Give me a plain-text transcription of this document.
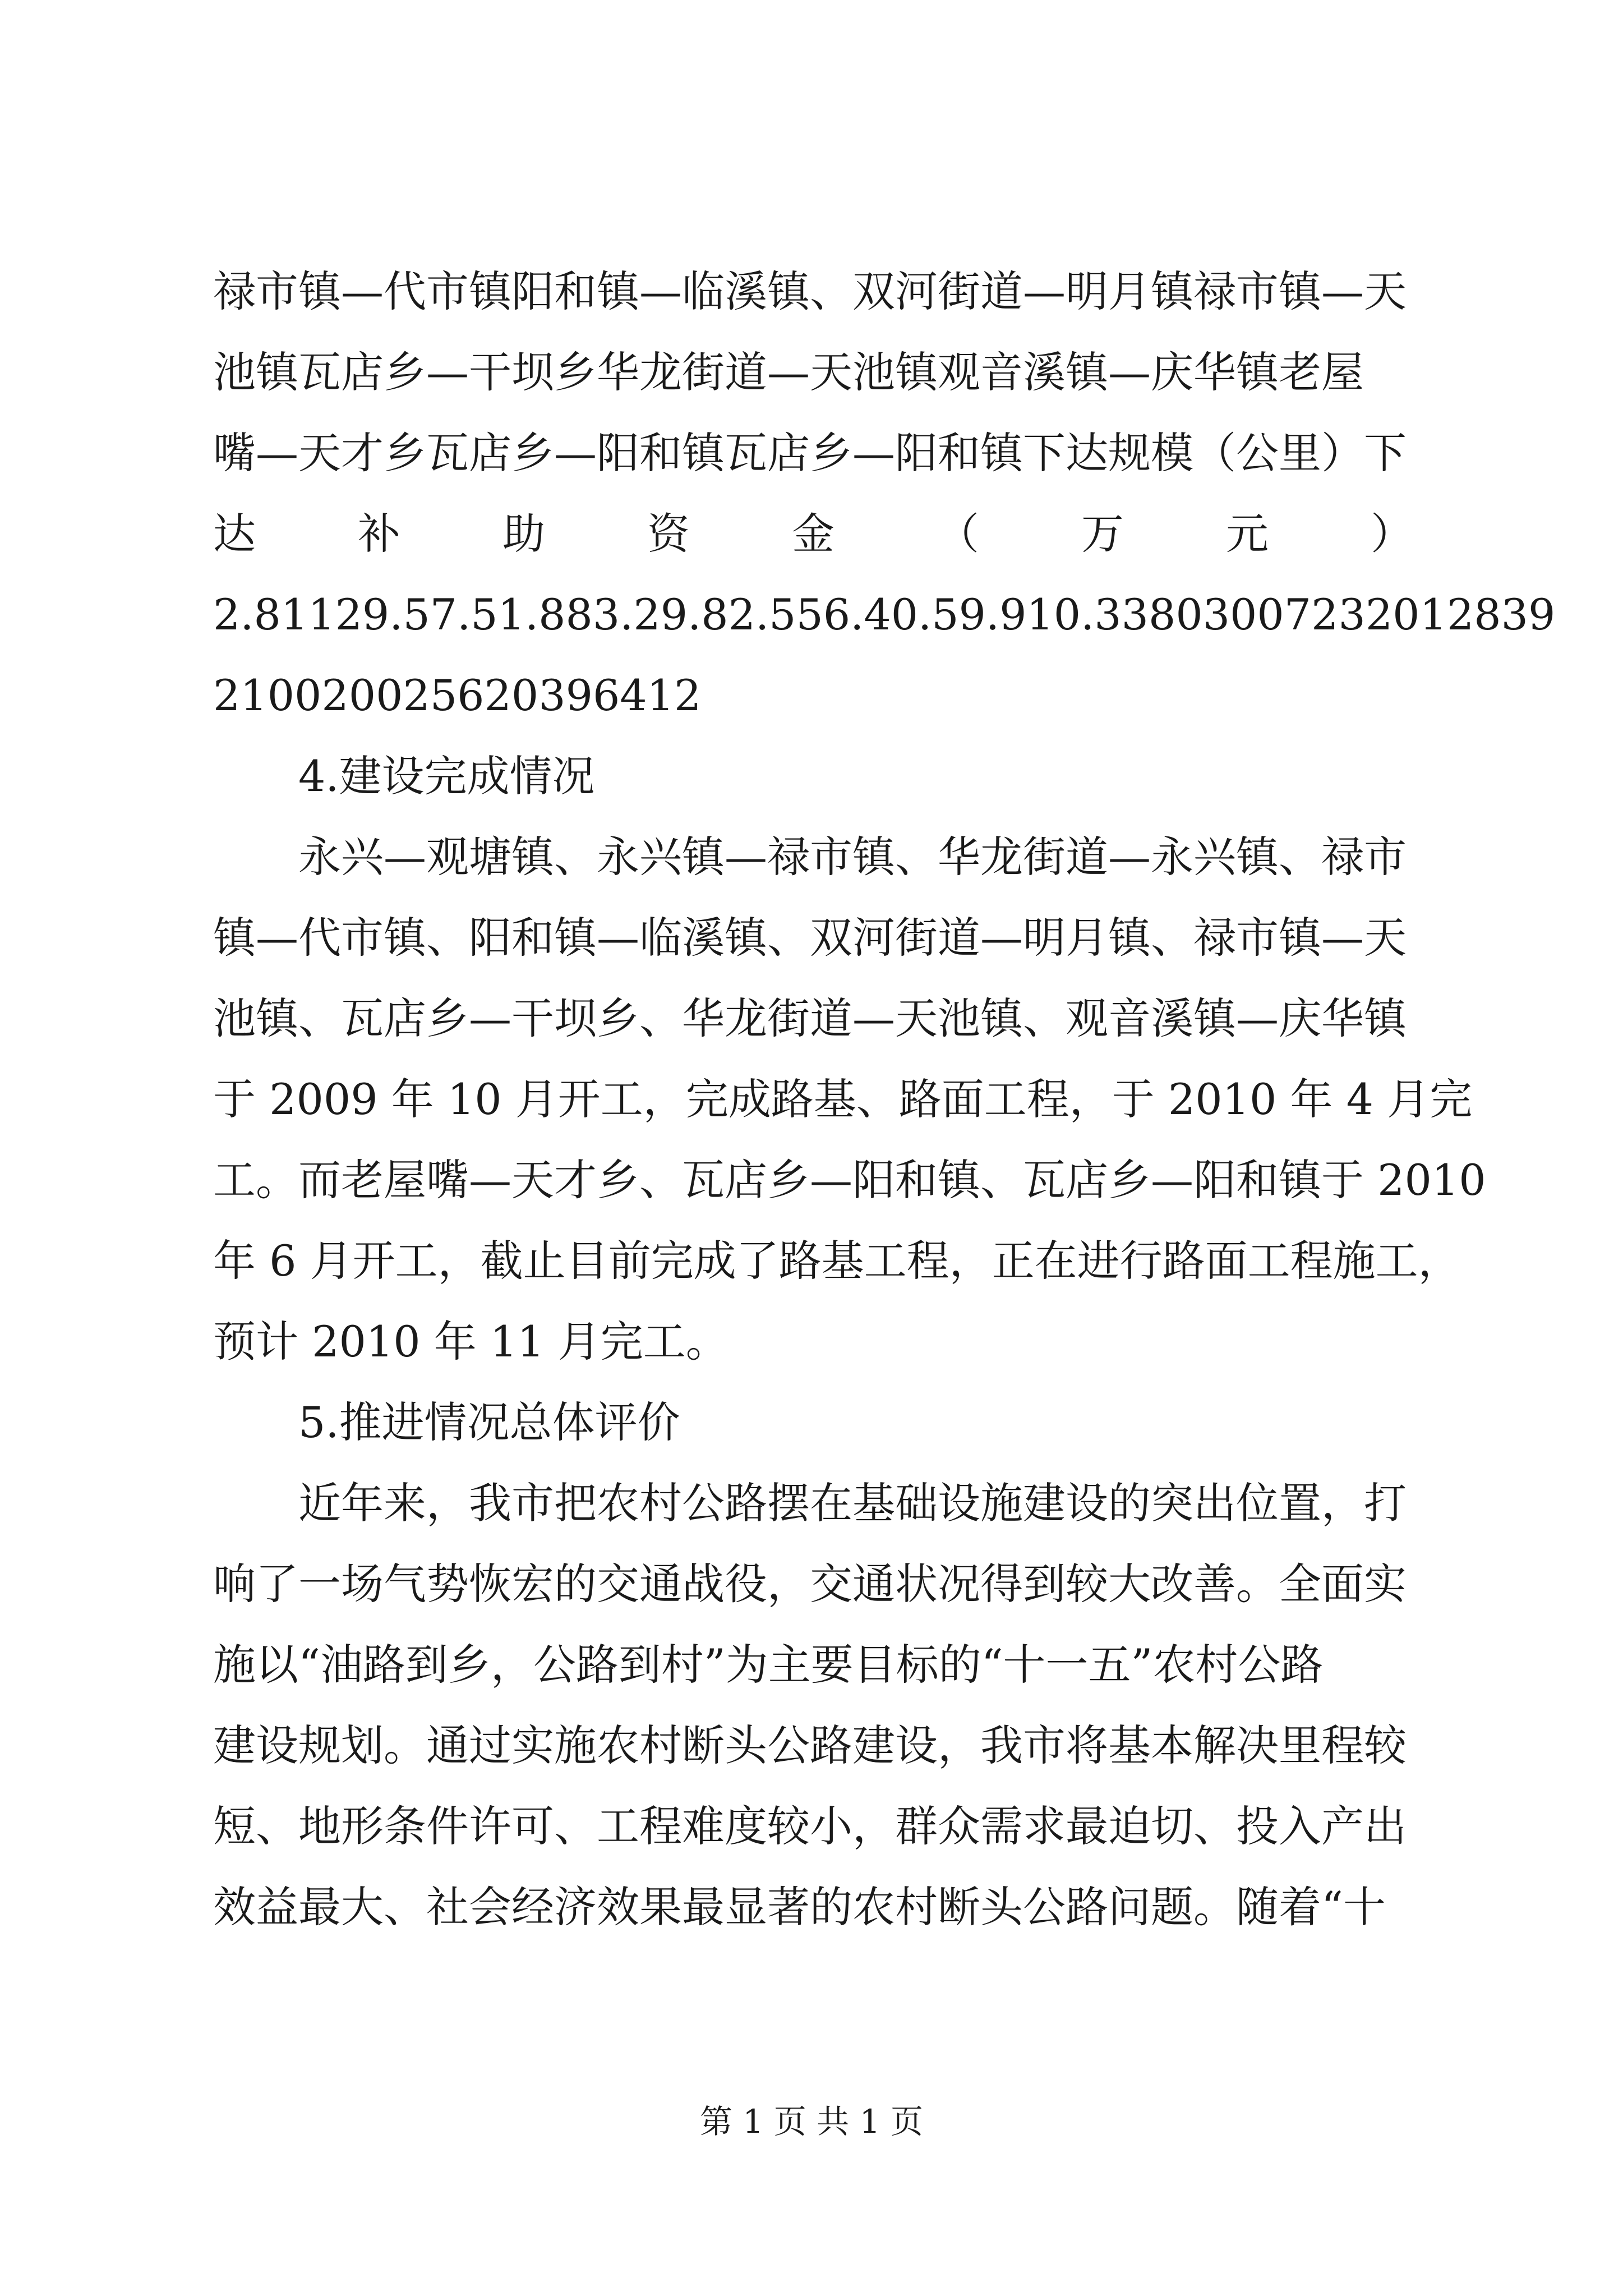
禄市镇—代市镇阳和镇—临溪镇、双河街道—明月镇禄市镇—天
池镇瓦店乡—干坝乡华龙街道—天池镇观音溪镇—庆华镇老屋
嘴—天才乡瓦店乡—阳和镇瓦店乡—阳和镇下达规模（公里）下
达 补 助 资 金 （ 万 元 ）
2.81129.57.51.883.29.82.556.40.59.910.33803007232012839
210020025620396412
4.建设完成情况
永兴—观塘镇、永兴镇—禄市镇、华龙街道—永兴镇、禄市
镇—代市镇、阳和镇—临溪镇、双河街道—明月镇、禄市镇—天
池镇、瓦店乡—干坝乡、华龙街道—天池镇、观音溪镇—庆华镇
于 2009 年 10 月开工，完成路基、路面工程，于 2010 年 4 月完
工。而老屋嘴—天才乡、瓦店乡—阳和镇、瓦店乡—阳和镇于 2010
年 6 月开工，截止目前完成了路基工程，正在进行路面工程施工，
预计 2010 年 11 月完工。
5.推进情况总体评价
近年来，我市把农村公路摆在基础设施建设的突出位置，打
响了一场气势恢宏的交通战役，交通状况得到较大改善。全面实
施以“油路到乡，公路到村”为主要目标的“十一五”农村公路
建设规划。通过实施农村断头公路建设，我市将基本解决里程较
短、地形条件许可、工程难度较小，群众需求最迫切、投入产出
效益最大、社会经济效果最显著的农村断头公路问题。随着“十
第 1 页 共 1 页
